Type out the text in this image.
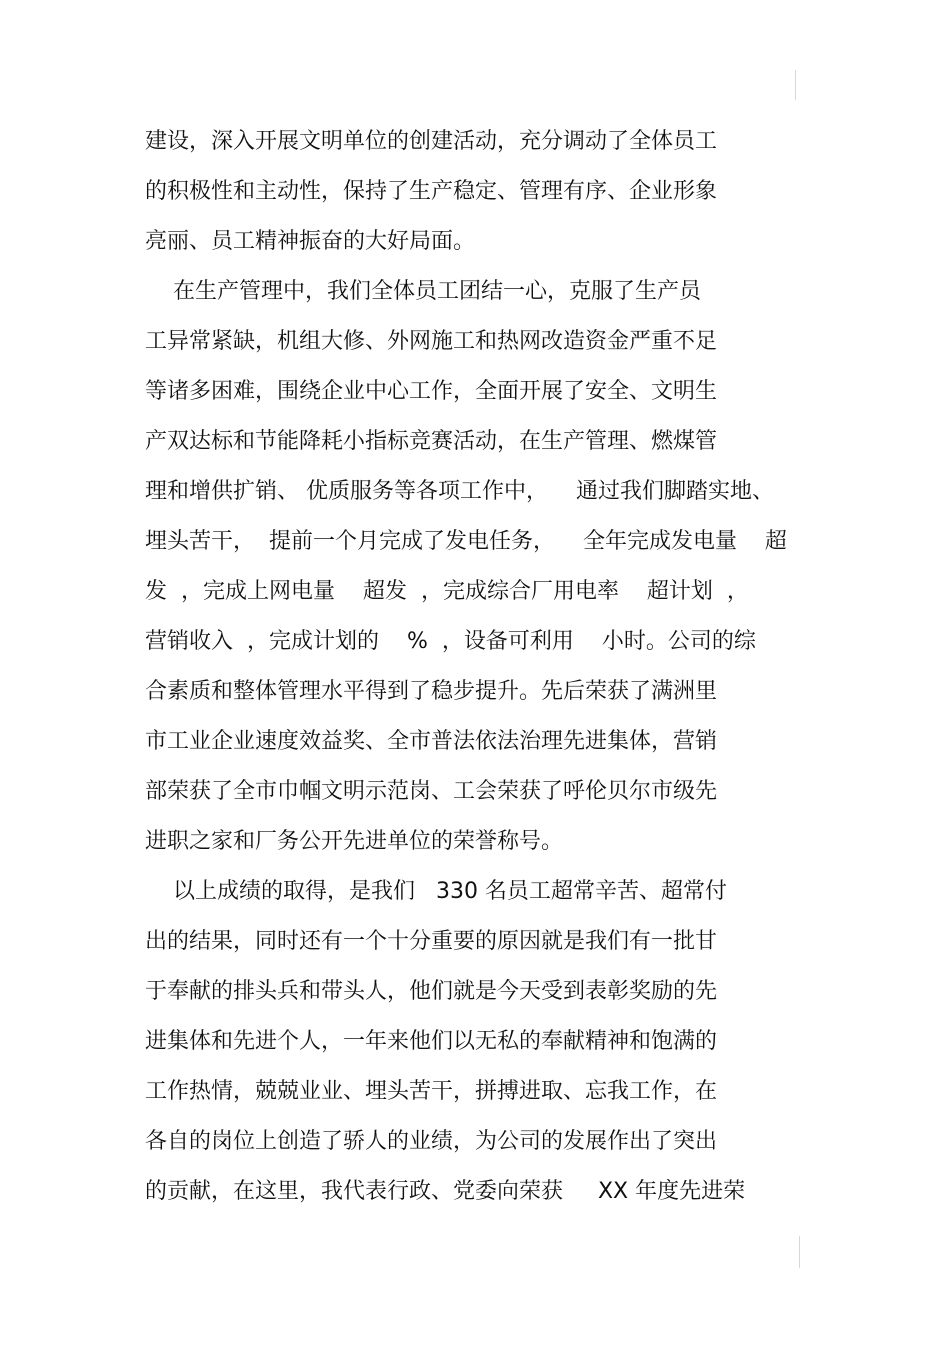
建设，深入开展文明单位的创建活动，充分调动了全体员工
的积极性和主动性，保持了生产稳定、管理有序、企业形象
亮丽、员工精神振奋的大好局面。
在生产管理中，我们全体员工团结一心，克服了生产员
工异常紧缺，机组大修、外网施工和热网改造资金严重不足
等诸多困难，围绕企业中心工作，全面开展了安全、文明生
产双达标和节能降耗小指标竞赛活动，在生产管理、燃煤管
理和增供扩销、 优质服务等各项工作中，    通过我们脚踏实地、
埋头苦干，  提前一个月完成了发电任务，    全年完成发电量    超
发  ，完成上网电量    超发  ，完成综合厂用电率    超计划  ，
营销收入  ，完成计划的    %  ，设备可利用    小时。公司的综
合素质和整体管理水平得到了稳步提升。先后荣获了满洲里
市工业企业速度效益奖、全市普法依法治理先进集体，营销
部荣获了全市巾帼文明示范岗、工会荣获了呼伦贝尔市级先
进职之家和厂务公开先进单位的荣誉称号。
以上成绩的取得，是我们   330 名员工超常辛苦、超常付
出的结果，同时还有一个十分重要的原因就是我们有一批甘
于奉献的排头兵和带头人，他们就是今天受到表彰奖励的先
进集体和先进个人，一年来他们以无私的奉献精神和饱满的
工作热情，兢兢业业、埋头苦干，拼搏进取、忘我工作，在
各自的岗位上创造了骄人的业绩，为公司的发展作出了突出
的贡献，在这里，我代表行政、党委向荣获     XX 年度先进荣
